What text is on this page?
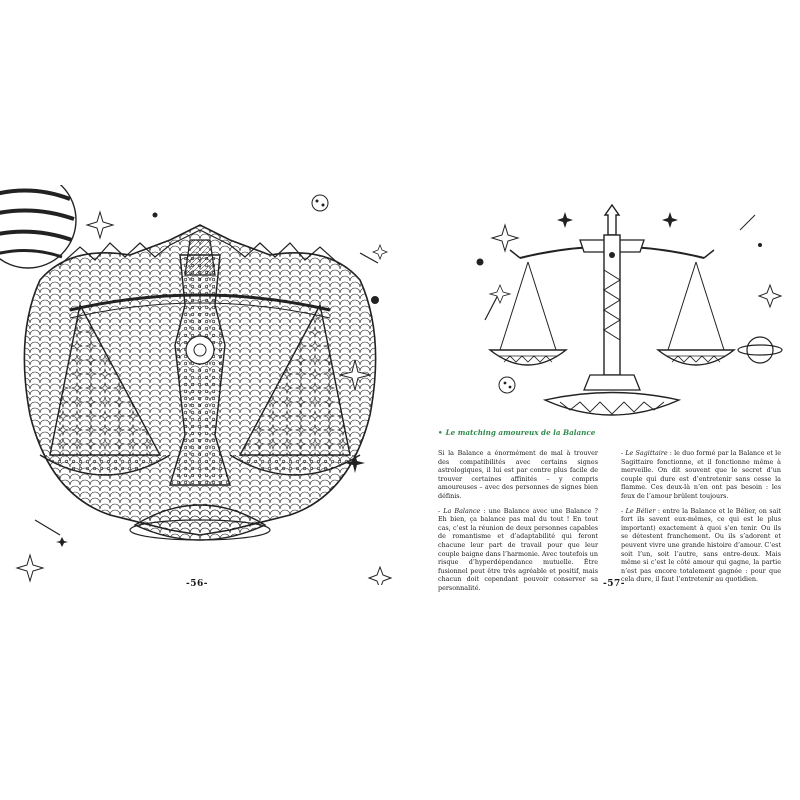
-56-
• Le matching amoureux de la Balance

Si la Balance a énormément de mal à trouver des compatibilités avec certains signes astrologiques, il lui est par contre plus facile de trouver certaines affinités – y compris amoureuses – avec des personnes de signes bien définis.

- La Balance : une Balance avec une Balance ? Eh bien, ça balance pas mal du tout ! En tout cas, c’est la réunion de deux personnes capables de romantisme et d’adaptabilité qui feront chacune leur part de travail pour que leur couple baigne dans l’harmonie. Avec toutefois un risque d’hyperdépendance mutuelle. Être fusionnel peut être très agréable et positif, mais chacun doit cependant pouvoir conserver sa personnalité.

- Le Sagittaire : le duo formé par la Balance et le Sagittaire fonctionne, et il fonctionne même à merveille. On dit souvent que le secret d’un couple qui dure est d’entretenir sans cesse la flamme. Ces deux-là n’en ont pas besoin : les feux de l’amour brûlent toujours.

- Le Bélier : entre la Balance et le Bélier, on sait fort ils savent eux-mêmes, ce qui est le plus important) exactement à quoi s’en tenir. Ou ils se détestent franchement. Ou ils s’adorent et peuvent vivre une grande histoire d’amour. C’est soit l’un, soit l’autre, sans entre-deux. Mais même si c’est le côté amour qui gagne, la partie n’est pas encore totalement gagnée : pour que cela dure, il faut l’entretenir au quotidien.

-57-
